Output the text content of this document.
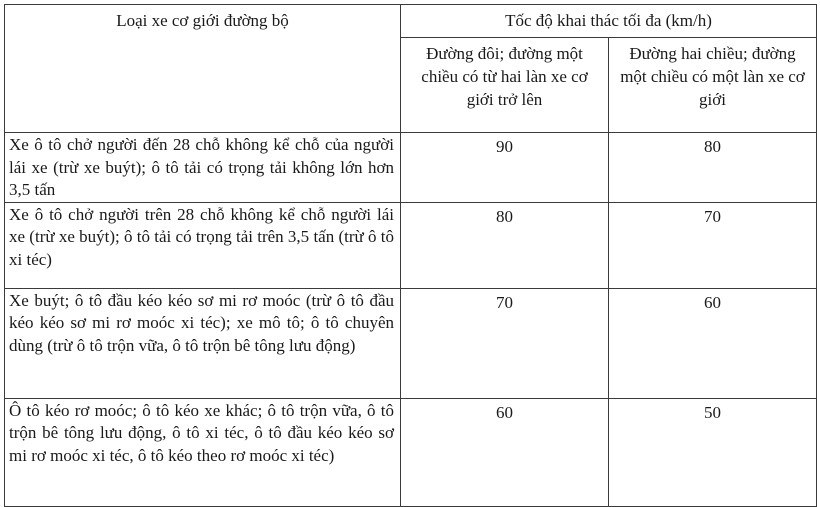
Loại xe cơ giới đường bộ	Tốc độ khai thác tối đa (km/h)	
	Đường đôi; đường một chiều có từ hai làn xe cơ giới trở lên	Đường hai chiều; đường một chiều có một làn xe cơ giới
Xe ô tô chở người đến 28 chỗ không kể chỗ của người lái xe (trừ xe buýt); ô tô tải có trọng tải không lớn hơn 3,5 tấn	90	80
Xe ô tô chở người trên 28 chỗ không kể chỗ người lái xe (trừ xe buýt); ô tô tải có trọng tải trên 3,5 tấn (trừ ô tô xi téc)	80	70
Xe buýt; ô tô đầu kéo kéo sơ mi rơ moóc (trừ ô tô đầu kéo kéo sơ mi rơ moóc xi téc); xe mô tô; ô tô chuyên dùng (trừ ô tô trộn vữa, ô tô trộn bê tông lưu động)	70	60
Ô tô kéo rơ moóc; ô tô kéo xe khác; ô tô trộn vữa, ô tô trộn bê tông lưu động, ô tô xi téc, ô tô đầu kéo kéo sơ mi rơ moóc xi téc, ô tô kéo theo rơ moóc xi téc)	60	50
